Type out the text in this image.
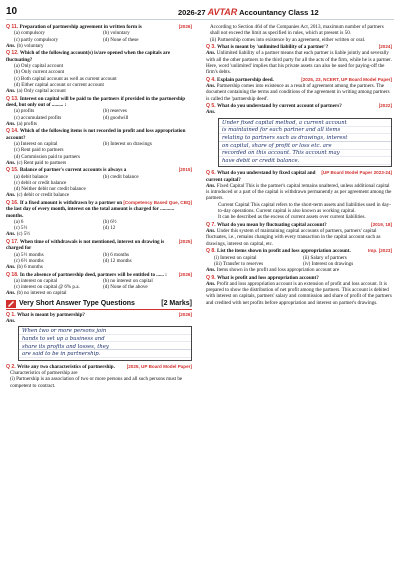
10	2026-27 AVTAR Accountancy Class 12
[2026]
Q 11. Preparation of partnership agreement in written form is
(a) compulsory	(b) voluntary
(c) partly compulsory	(d) None of these
Ans. (b) voluntary
Q 12. Which of the following account(s) is/are opened when the capitals are fluctuating?
(a) Only capital account
(b) Only current account
(c) Both capital account as well as current account
(d) Either capital account or current account
Ans. (a) Only capital account
Q 13. Interest on capital will be paid to the partners if provided in the partnership deed, but only out of ......... :
(a) profits	(b) reserves
(c) accumulated profits	(d) goodwill
Ans. (a) profits
Q 14. Which of the following items is not recorded in profit and loss appropriation account?
(a) Interest on capital	(b) Interest on drawings
(c) Rent paid to partners
(d) Commission paid to partners
Ans. (c) Rent paid to partners
[2015]
Q 15. Balance of partner's current accounts is always a
(a) debit balance	(b) credit balance
(c) debit or credit balance
(d) Neither debit nor credit balance
Ans. (c) debit or credit balance
[Competency Based Que, CBQ]
Q 16. If a fixed amount is withdrawn by a partner on the last day of every month, interest on the total amount is charged for ........... months.
(a) 6	(b) 6½
(c) 5½	(d) 12
Ans. (c) 5½
[2025]
Q 17. When time of withdrawals is not mentioned, interest on drawing is charged for
(a) 5½ months	(b) 6 months
(c) 6½ months	(d) 12 months
Ans. (b) 6 months
[2026]
Q 18. In the absence of partnership deed, partners will be entitled to ...... :
(a) interest on capital	(b) no interest on capital
(c) interest on capital @ 6% p.a.	(d) None of the above
Ans. (b) no interest on capital
Very Short Answer Type Questions	[2 Marks]
[2026]
Q 1. What is meant by partnership?
Ans.
When two or more persons join
hands to set up a business and
share its profits and losses, they
are said to be in partnership.
[2025, UP Board Model Paper]
Q 2. Write any two characteristics of partnership.
Characteristics of partnership are
(i) Partnership is an association of two or more persons and all such persons must be competent to contract.
According to Section 464 of the Companies Act, 2013, maximum number of partners shall not exceed the limit as specified in rules, which at present is 50.
(ii) Partnership comes into existence by an agreement, either written or oral.
[2024]
Q 3. What is meant by 'unlimited liability of a partner'?
Ans. Unlimited liability of a partner means that each partner is liable jointly and severally with all the other partners to the third party for all the acts of the firm, while he is a partner. Here, word 'unlimited' implies that his private assets can also be used for paying-off the firm's debts.
[2025, 23, NCERT, UP Board Model Paper]
Q 4. Explain partnership deed.
Ans. Partnership comes into existence as a result of agreement among the partners. The document containing the terms and conditions of the agreement in writing among partners is called the 'partnership deed'.
[2022]
Q 5. What do you understand by current account of partners?
Ans.
Under fixed capital method, a current account
is maintained for each partner and all items
relating to partners such as drawings, interest
on capital, share of profit or loss etc. are
recorded on this account. This account may
have debit or credit balance.
[UP Board Model Paper 2023-24]
Q 6. What do you understand by fixed capital and current capital?
Ans. Fixed Capital This is the partner's capital remains unaltered, unless additional capital is introduced or a part of the capital is withdrawn permanently as per agreement among the partners.
Current Capital This capital refers to the short-term assets and liabilities used in day-to-day operations. Current capital is also known as working capital.
It can be described as the excess of current assets over current liabilities.
[2019, 18]
Q 7. What do you mean by fluctuating capital account?
Ans. Under this system of maintaining capital accounts of partners, partners' capital fluctuates, i.e., remains changing with every transaction in the capital account such as drawings, interest on capital, etc.
Imp. [2023]
Q 8. List the items shown in profit and loss appropriation account.
(i) Interest on capital	(ii) Salary of partners
(iii) Transfer to reserves	(iv) Interest on drawings
Ans. Items shown in the profit and loss appropriation account are
Q 9. What is profit and loss appropriation account?
Ans. Profit and loss appropriation account is an extension of profit and loss account. It is prepared to show the distribution of net profit among the partners. This account is debited with interest on capitals, partners' salary and commission and share of profit of the partners and credited with net profits before appropriation and interest on partner's drawings.
